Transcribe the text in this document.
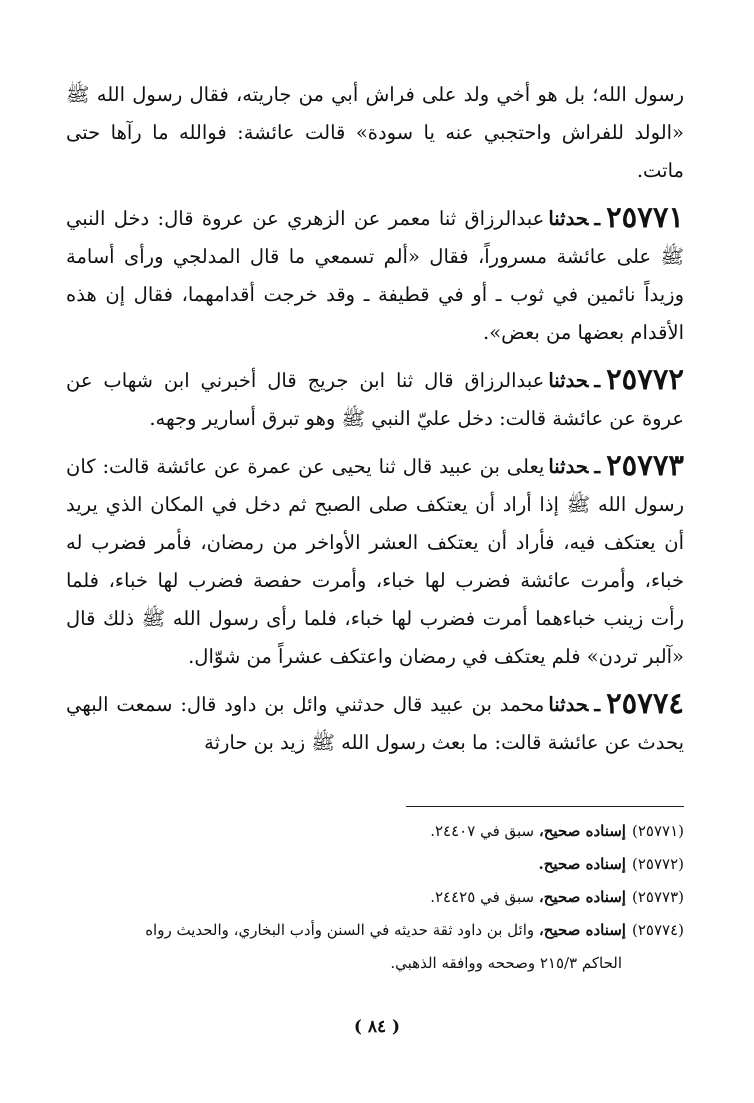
رسول الله؛ بل هو أخي ولد على فراش أبي من جاريته، فقال رسول الله ﷺ «الولد للفراش واحتجبي عنه يا سودة» قالت عائشة: فوالله ما رآها حتى ماتت.

٢٥٧٧١ـحدثناعبدالرزاق ثنا معمر عن الزهري عن عروة قال: دخل النبي ﷺ على عائشة مسروراً، فقال «ألم تسمعي ما قال المدلجي ورأى أسامة وزيداً نائمين في ثوب ـ أو في قطيفة ـ وقد خرجت أقدامهما، فقال إن هذه الأقدام بعضها من بعض».

٢٥٧٧٢ـحدثناعبدالرزاق قال ثنا ابن جريج قال أخبرني ابن شهاب عن عروة عن عائشة قالت: دخل عليّ النبي ﷺ وهو تبرق أسارير وجهه.

٢٥٧٧٣ـحدثنايعلى بن عبيد قال ثنا يحيى عن عمرة عن عائشة قالت: كان رسول الله ﷺ إذا أراد أن يعتكف صلى الصبح ثم دخل في المكان الذي يريد أن يعتكف فيه، فأراد أن يعتكف العشر الأواخر من رمضان، فأمر فضرب له خباء، وأمرت عائشة فضرب لها خباء، وأمرت حفصة فضرب لها خباء، فلما رأت زينب خباءهما أمرت فضرب لها خباء، فلما رأى رسول الله ﷺ ذلك قال «آلبر تردن» فلم يعتكف في رمضان واعتكف عشراً من شوّال.

٢٥٧٧٤ـحدثنامحمد بن عبيد قال حدثني وائل بن داود قال: سمعت البهي يحدث عن عائشة قالت: ما بعث رسول الله ﷺ زيد بن حارثة

(٢٥٧٧١)إسناده صحيح، سبق في ٢٤٤٠٧.

(٢٥٧٧٢)إسناده صحيح.

(٢٥٧٧٣)إسناده صحيح، سبق في ٢٤٤٢٥.

(٢٥٧٧٤)إسناده صحيح، وائل بن داود ثقة حديثه في السنن وأدب البخاري، والحديث رواه

الحاكم ٢١٥/٣ وصححه ووافقه الذهبي.

( ٨٤ )
